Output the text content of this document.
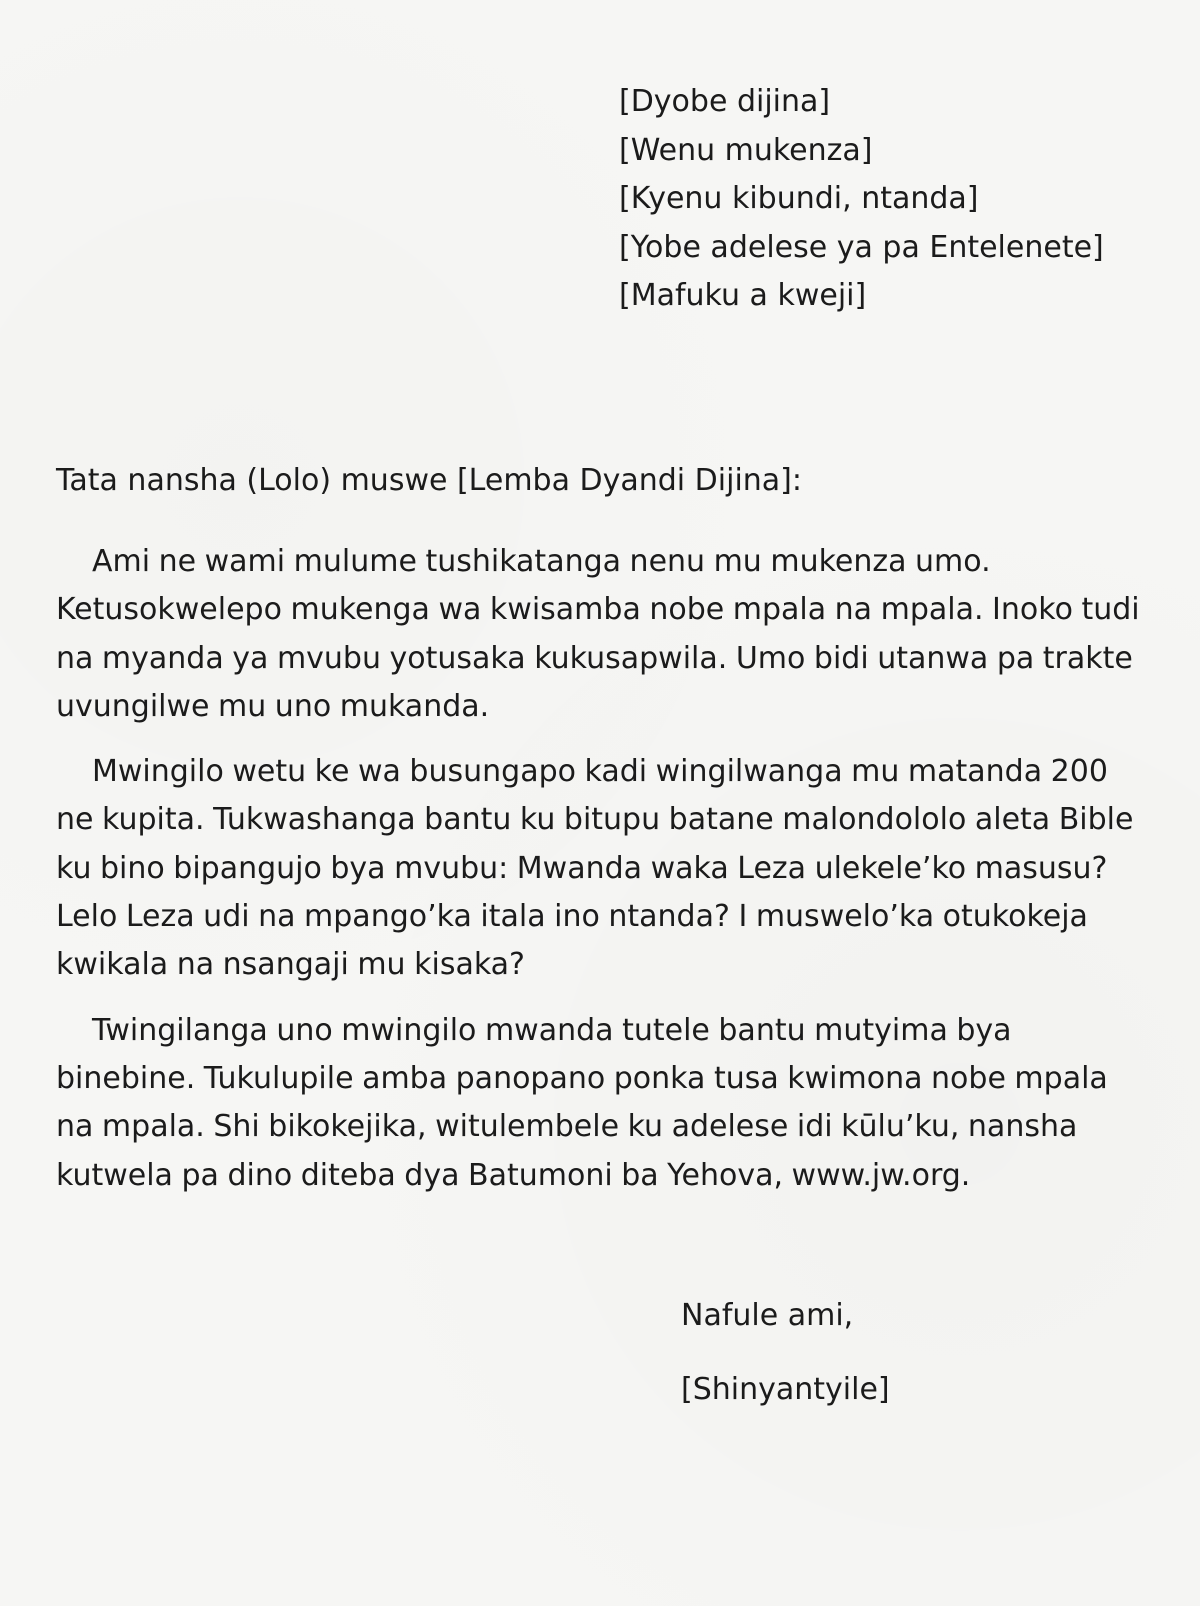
[Dyobe dijina]
[Wenu mukenza]
[Kyenu kibundi, ntanda]
[Yobe adelese ya pa Entelenete]
[Mafuku a kweji]
Tata nansha (Lolo) muswe [Lemba Dyandi Dijina]:

Ami ne wami mulume tushikatanga nenu mu mukenza umo. Ketusokwelepo mukenga wa kwisamba nobe mpala na mpala. Inoko tudi na myanda ya mvubu yotusaka kukusapwila. Umo bidi utanwa pa trakte uvungilwe mu uno mukanda.

Mwingilo wetu ke wa busungapo kadi wingilwanga mu matanda 200 ne kupita. Tukwashanga bantu ku bitupu batane malondololo aleta Bible ku bino bipangujo bya mvubu: Mwanda waka Leza ulekele’ko masusu? Lelo Leza udi na mpango’ka itala ino ntanda? I muswelo’ka otukokeja kwikala na nsangaji mu kisaka?

Twingilanga uno mwingilo mwanda tutele bantu mutyima bya binebine. Tukulupile amba panopano ponka tusa kwimona nobe mpala na mpala. Shi bikokejika, witulembele ku adelese idi kūlu’ku, nansha kutwela pa dino diteba dya Batumoni ba Yehova, www.jw.org.

Nafule ami,
[Shinyantyile]
